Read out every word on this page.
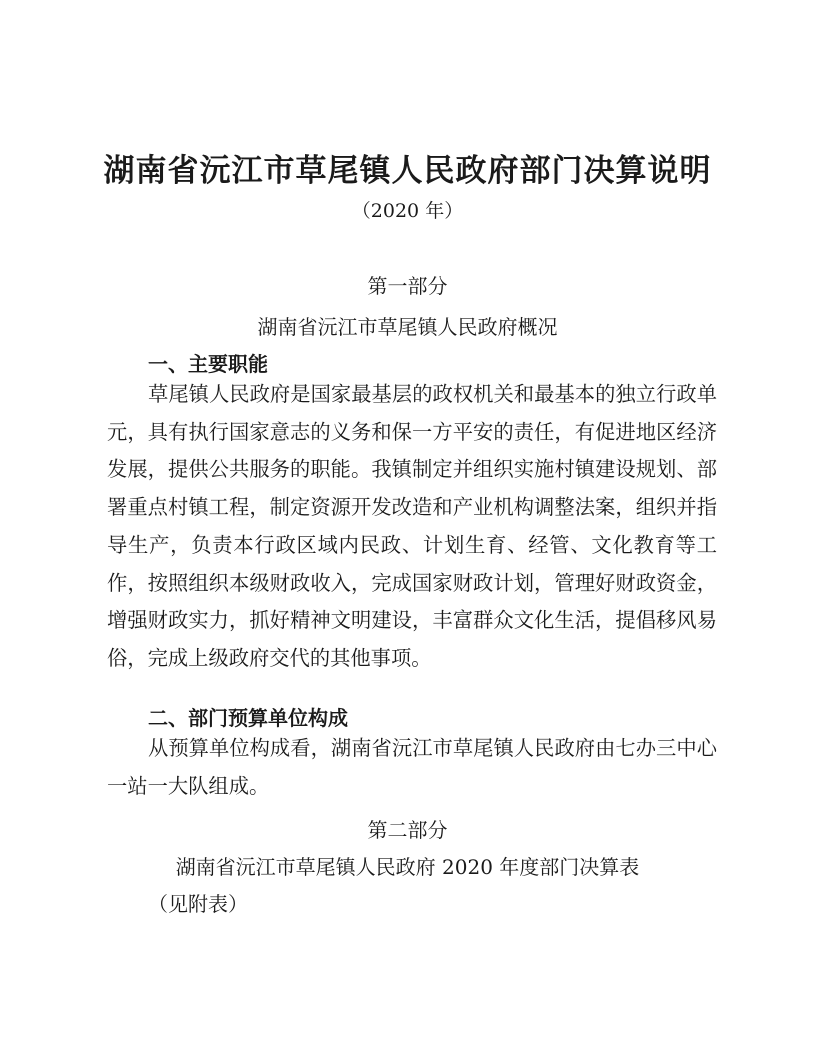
湖南省沅江市草尾镇人民政府部门决算说明

（2020 年）

第一部分

湖南省沅江市草尾镇人民政府概况

一、主要职能

草尾镇人民政府是国家最基层的政权机关和最基本的独立行政单元，具有执行国家意志的义务和保一方平安的责任，有促进地区经济发展，提供公共服务的职能。我镇制定并组织实施村镇建设规划、部署重点村镇工程，制定资源开发改造和产业机构调整法案，组织并指导生产，负责本行政区域内民政、计划生育、经管、文化教育等工作，按照组织本级财政收入，完成国家财政计划，管理好财政资金，增强财政实力，抓好精神文明建设，丰富群众文化生活，提倡移风易俗，完成上级政府交代的其他事项。

二、部门预算单位构成

从预算单位构成看，湖南省沅江市草尾镇人民政府由七办三中心一站一大队组成。

第二部分

湖南省沅江市草尾镇人民政府 2020 年度部门决算表

（见附表）
